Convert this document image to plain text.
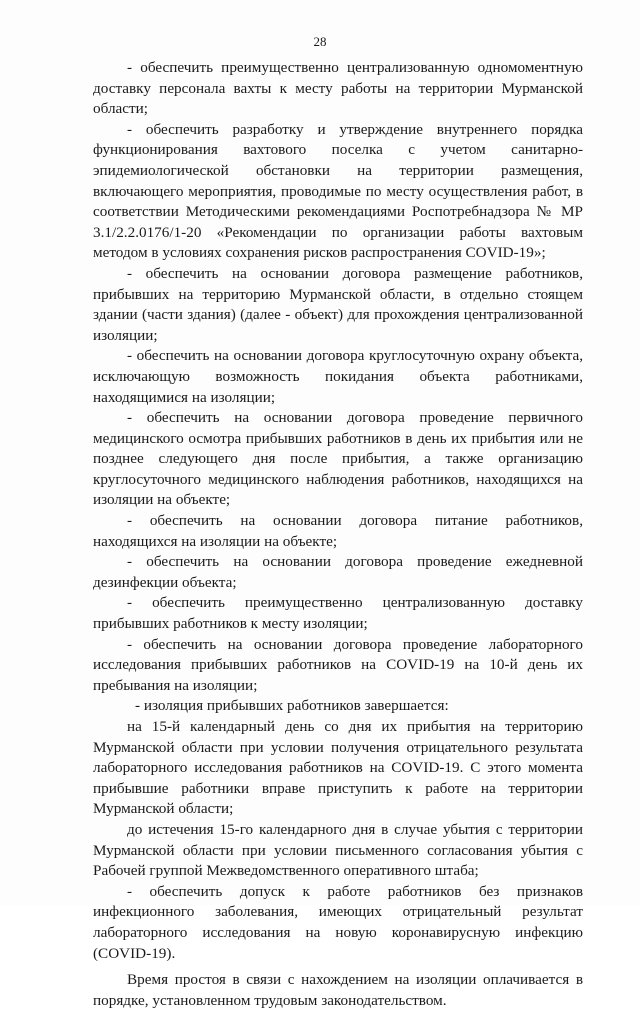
28

- обеспечить преимущественно централизованную одномоментную доставку персонала вахты к месту работы на территории Мурманской области;

- обеспечить разработку и утверждение внутреннего порядка функционирования вахтового поселка с учетом санитарно-эпидемиологической обстановки на территории размещения, включающего мероприятия, проводимые по месту осуществления работ, в соответствии Методическими рекомендациями Роспотребнадзора № МР 3.1/2.2.0176/1-20 «Рекомендации по организации работы вахтовым методом в условиях сохранения рисков распространения COVID-19»;

- обеспечить на основании договора размещение работников, прибывших на территорию Мурманской области, в отдельно стоящем здании (части здания) (далее - объект) для прохождения централизованной изоляции;

- обеспечить на основании договора круглосуточную охрану объекта, исключающую возможность покидания объекта работниками, находящимися на изоляции;

- обеспечить на основании договора проведение первичного медицинского осмотра прибывших работников в день их прибытия или не позднее следующего дня после прибытия, а также организацию круглосуточного медицинского наблюдения работников, находящихся на изоляции на объекте;

- обеспечить на основании договора питание работников, находящихся на изоляции на объекте;

- обеспечить на основании договора проведение ежедневной дезинфекции объекта;

- обеспечить преимущественно централизованную доставку прибывших работников к месту изоляции;

- обеспечить на основании договора проведение лабораторного исследования прибывших работников на COVID-19 на 10-й день их пребывания на изоляции;

- изоляция прибывших работников завершается:

на 15-й календарный день со дня их прибытия на территорию Мурманской области при условии получения отрицательного результата лабораторного исследования работников на COVID-19. С этого момента прибывшие работники вправе приступить к работе на территории Мурманской области;

до истечения 15-го календарного дня в случае убытия с территории Мурманской области при условии письменного согласования убытия с Рабочей группой Межведомственного оперативного штаба;

- обеспечить допуск к работе работников без признаков инфекционного заболевания, имеющих отрицательный результат лабораторного исследования на новую коронавирусную инфекцию (COVID-19).

Время простоя в связи с нахождением на изоляции оплачивается в порядке, установленном трудовым законодательством.
